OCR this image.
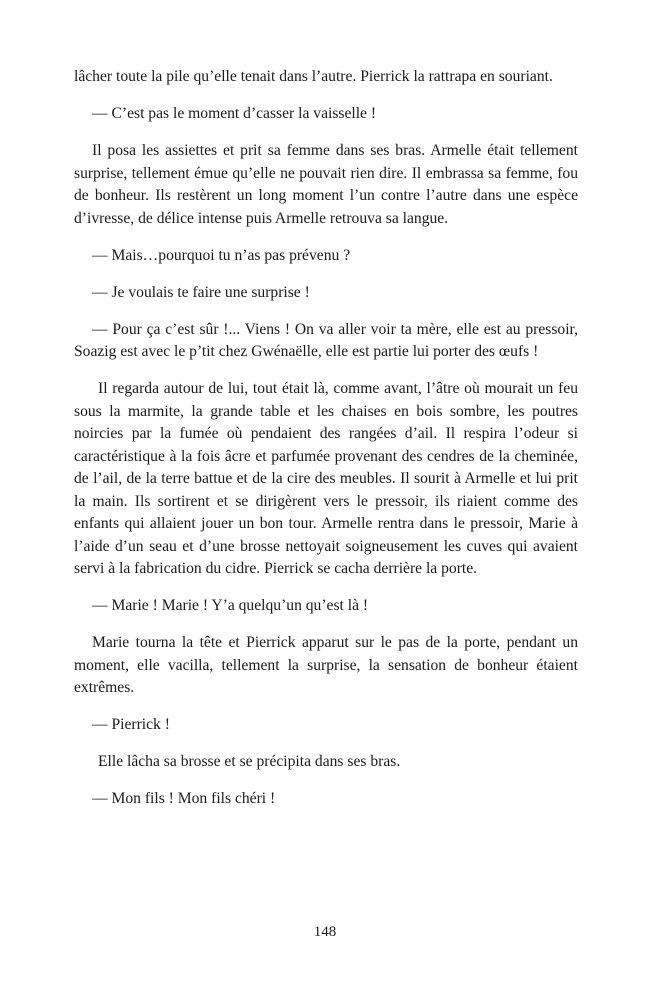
lâcher toute la pile qu’elle tenait dans l’autre. Pierrick la rattrapa en souriant.

— C’est pas le moment d’casser la vaisselle !

Il posa les assiettes et prit sa femme dans ses bras. Armelle était tellement surprise, tellement émue qu’elle ne pouvait rien dire. Il embrassa sa femme, fou de bonheur. Ils restèrent un long moment l’un contre l’autre dans une espèce d’ivresse, de délice intense puis Armelle retrouva sa langue.

— Mais…pourquoi tu n’as pas prévenu ?

— Je voulais te faire une surprise !

— Pour ça c’est sûr !... Viens ! On va aller voir ta mère, elle est au pressoir, Soazig est avec le p’tit chez Gwénaëlle, elle est partie lui porter des œufs !

Il regarda autour de lui, tout était là, comme avant, l’âtre où mourait un feu sous la marmite, la grande table et les chaises en bois sombre, les poutres noircies par la fumée où pendaient des rangées d’ail. Il respira l’odeur si caractéristique à la fois âcre et parfumée provenant des cendres de la cheminée, de l’ail, de la terre battue et de la cire des meubles. Il sourit à Armelle et lui prit la main. Ils sortirent et se dirigèrent vers le pressoir, ils riaient comme des enfants qui allaient jouer un bon tour. Armelle rentra dans le pressoir, Marie à l’aide d’un seau et d’une brosse nettoyait soigneusement les cuves qui avaient servi à la fabrication du cidre. Pierrick se cacha derrière la porte.

— Marie ! Marie ! Y’a quelqu’un qu’est là !

Marie tourna la tête et Pierrick apparut sur le pas de la porte, pendant un moment, elle vacilla, tellement la surprise, la sensation de bonheur étaient extrêmes.

— Pierrick !

Elle lâcha sa brosse et se précipita dans ses bras.

— Mon fils ! Mon fils chéri !

148
